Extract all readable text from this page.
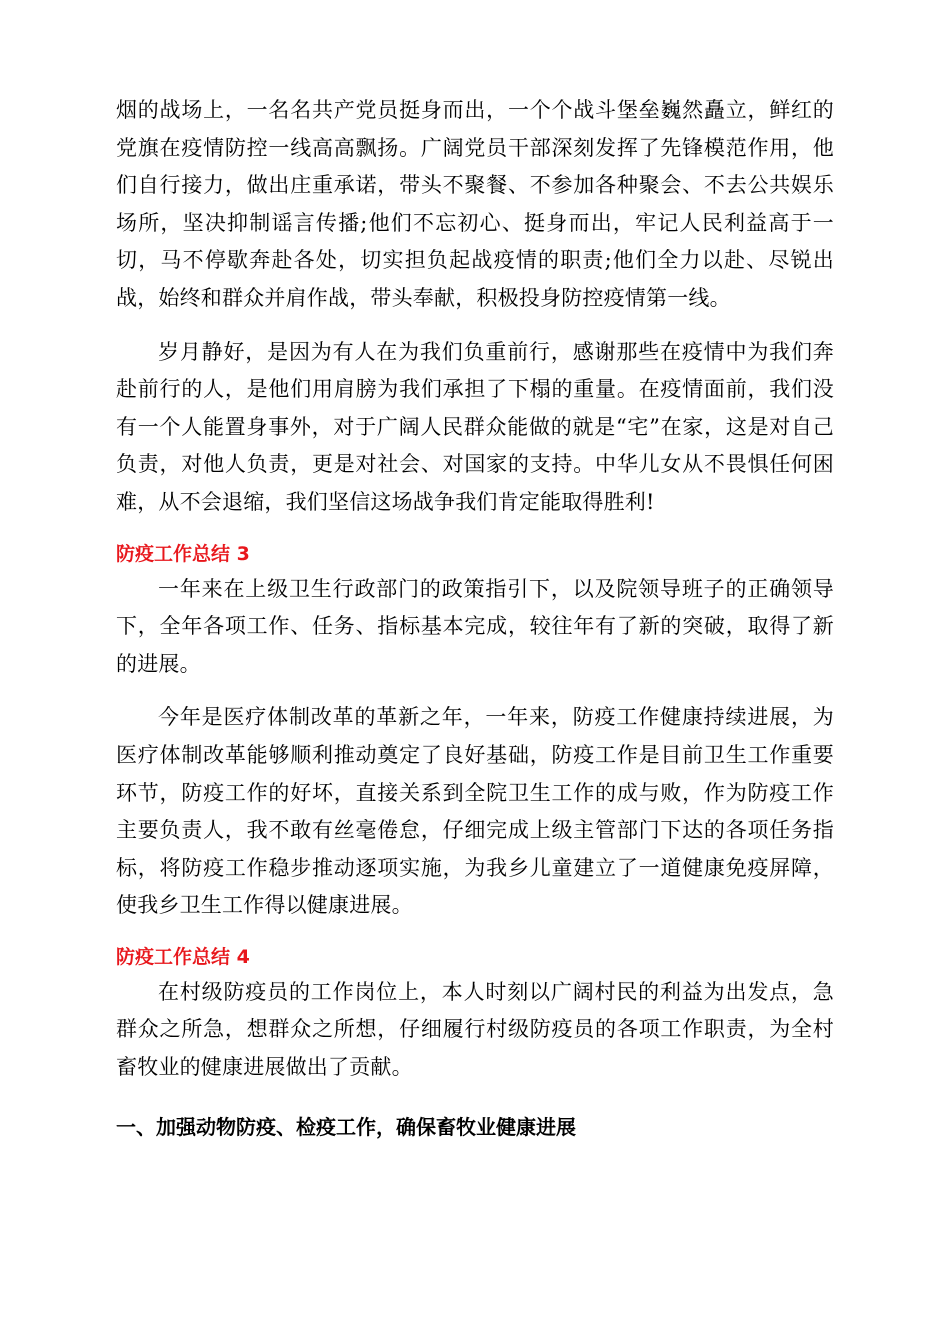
烟的战场上，一名名共产党员挺身而出，一个个战斗堡垒巍然矗立，鲜红的党旗在疫情防控一线高高飘扬。广阔党员干部深刻发挥了先锋模范作用，他们自行接力，做出庄重承诺，带头不聚餐、不参加各种聚会、不去公共娱乐场所，坚决抑制谣言传播;他们不忘初心、挺身而出，牢记人民利益高于一切，马不停歇奔赴各处，切实担负起战疫情的职责;他们全力以赴、尽锐出战，始终和群众并肩作战，带头奉献，积极投身防控疫情第一线。

岁月静好，是因为有人在为我们负重前行，感谢那些在疫情中为我们奔赴前行的人，是他们用肩膀为我们承担了下榻的重量。在疫情面前，我们没有一个人能置身事外，对于广阔人民群众能做的就是“宅”在家，这是对自己负责，对他人负责，更是对社会、对国家的支持。中华儿女从不畏惧任何困难，从不会退缩，我们坚信这场战争我们肯定能取得胜利!

防疫工作总结 3

一年来在上级卫生行政部门的政策指引下，以及院领导班子的正确领导下，全年各项工作、任务、指标基本完成，较往年有了新的突破，取得了新的进展。

今年是医疗体制改革的革新之年，一年来，防疫工作健康持续进展，为医疗体制改革能够顺利推动奠定了良好基础，防疫工作是目前卫生工作重要环节，防疫工作的好坏，直接关系到全院卫生工作的成与败，作为防疫工作主要负责人，我不敢有丝毫倦怠，仔细完成上级主管部门下达的各项任务指标，将防疫工作稳步推动逐项实施，为我乡儿童建立了一道健康免疫屏障，使我乡卫生工作得以健康进展。

防疫工作总结 4

在村级防疫员的工作岗位上，本人时刻以广阔村民的利益为出发点，急群众之所急，想群众之所想，仔细履行村级防疫员的各项工作职责，为全村畜牧业的健康进展做出了贡献。

一、加强动物防疫、检疫工作，确保畜牧业健康进展
